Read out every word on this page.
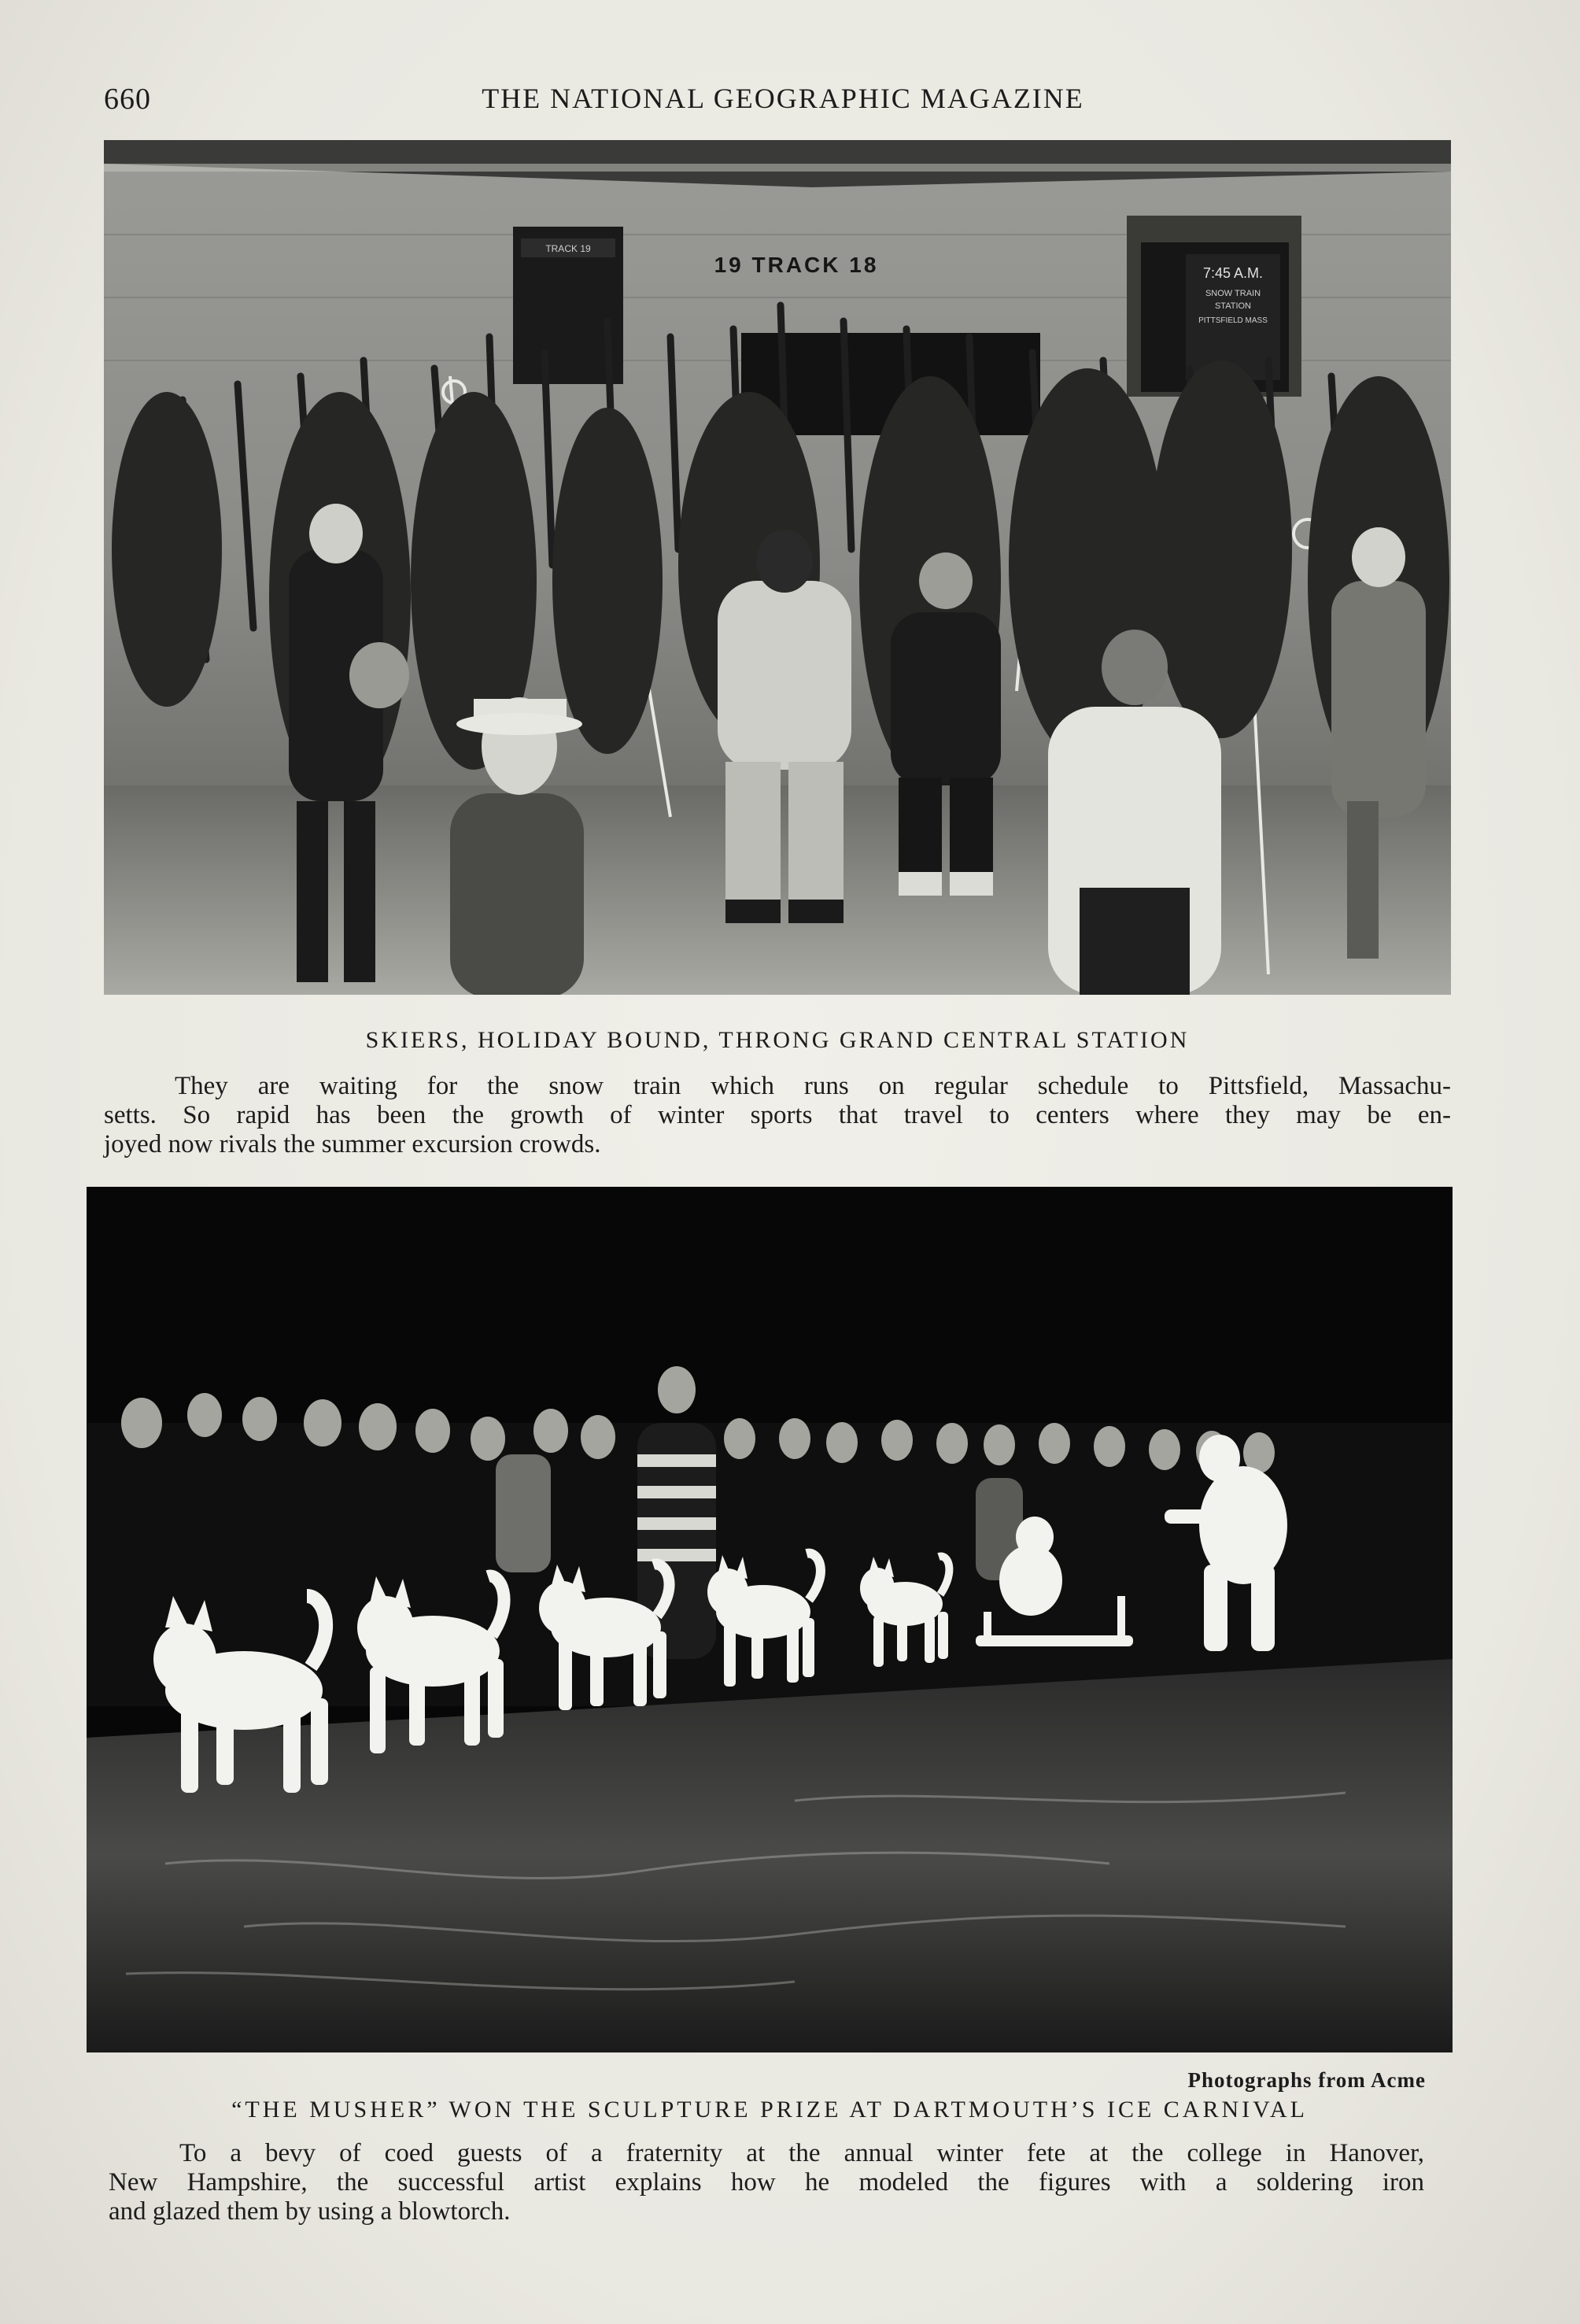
660	THE NATIONAL GEOGRAPHIC MAGAZINE
TRACK 19
19 TRACK 18	7:45 A.M.
SNOW TRAIN
STATION
PITTSFIELD MASS
SKIERS, HOLIDAY BOUND, THRONG GRAND CENTRAL STATION
They are waiting for the snow train which runs on regular schedule to Pittsfield, Massachu-
setts. So rapid has been the growth of winter sports that travel to centers where they may be en-
joyed now rivals the summer excursion crowds.
Photographs from Acme
“THE MUSHER” WON THE SCULPTURE PRIZE AT DARTMOUTH’S ICE CARNIVAL
To a bevy of coed guests of a fraternity at the annual winter fete at the college in Hanover,
New Hampshire, the successful artist explains how he modeled the figures with a soldering iron
and glazed them by using a blowtorch.
